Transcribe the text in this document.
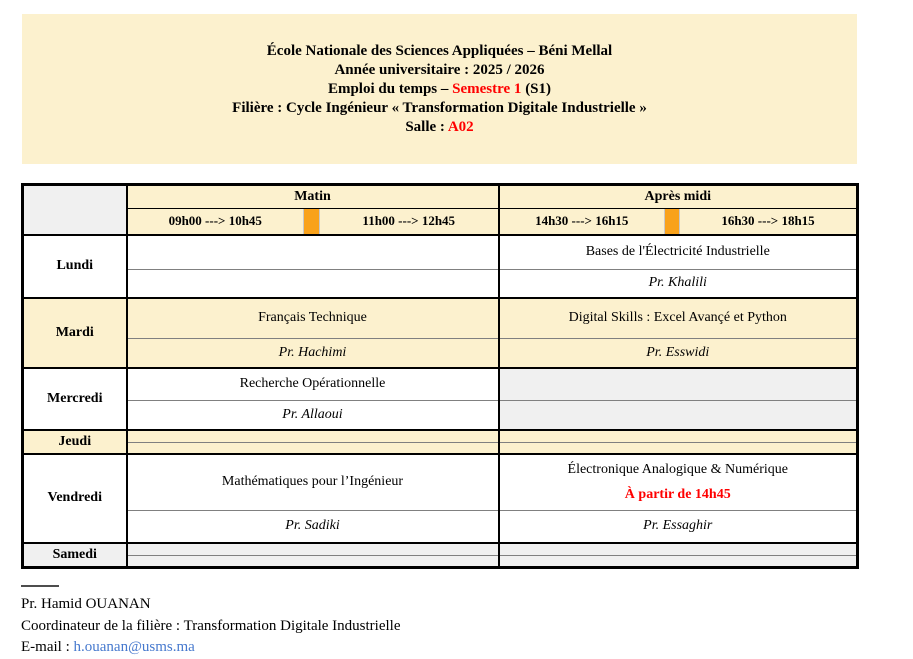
École Nationale des Sciences Appliquées – Béni Mellal
Année universitaire : 2025 / 2026
Emploi du temps – Semestre 1 (S1)
Filière : Cycle Ingénieur « Transformation Digitale Industrielle »
Salle : A02
	Matin			Après midi		
	09h00 ---> 10h45		11h00 ---> 12h45	14h30 ---> 16h15		16h30 ---> 18h15
Lundi				Bases de l'Électricité Industrielle		
				Pr. Khalili		
Mardi	Français Technique			Digital Skills : Excel Avançé et Python		
	Pr. Hachimi			Pr. Esswidi		
Mercredi	Recherche Opérationnelle					
	Pr. Allaoui					
Jeudi						

Vendredi	Mathématiques pour l’Ingénieur			Électronique Analogique & Numérique
À partir de 14h45		

	Pr. Sadiki			Pr. Essaghir		
Samedi						

Pr. Hamid OUANAN
Coordinateur de la filière : Transformation Digitale Industrielle
E-mail : h.ouanan@usms.ma
